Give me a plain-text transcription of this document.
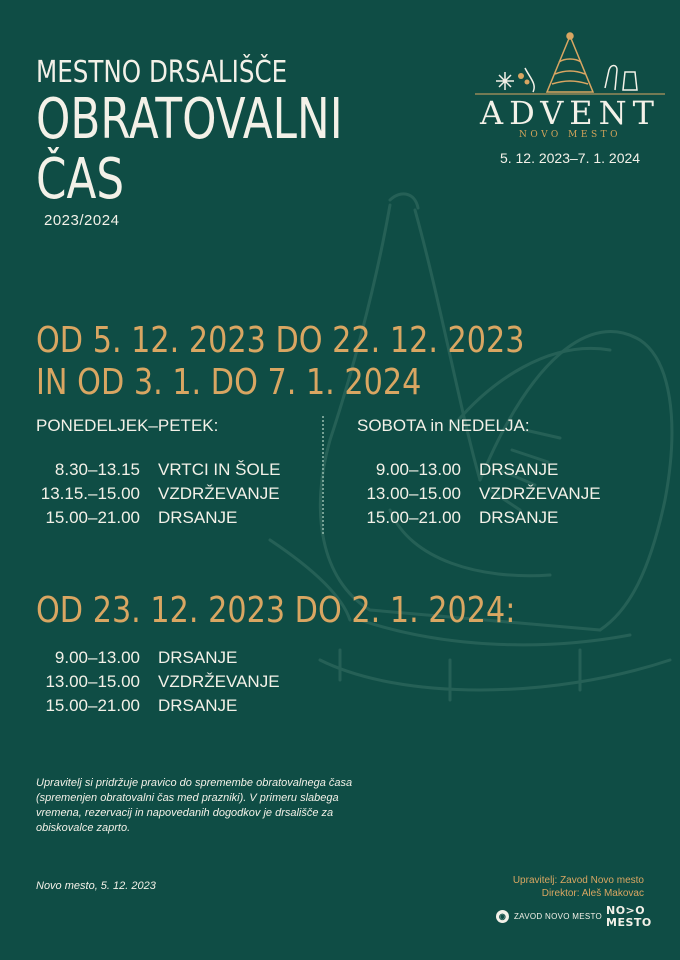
MESTNO DRSALIŠČE
OBRATOVALNI
ČAS
2023/2024
ADVENT
NOVO MESTO
5. 12. 2023–7. 1. 2024
OD 5. 12. 2023 DO 22. 12. 2023
IN OD 3. 1. DO 7. 1. 2024
PONEDELJEK–PETEK:
8.30–13.15 VRTCI IN ŠOLE
13.15.–15.00 VZDRŽEVANJE
15.00–21.00 DRSANJE
SOBOTA in NEDELJA:
9.00–13.00 DRSANJE
13.00–15.00 VZDRŽEVANJE
15.00–21.00 DRSANJE
OD 23. 12. 2023 DO 2. 1. 2024:
9.00–13.00 DRSANJE
13.00–15.00 VZDRŽEVANJE
15.00–21.00 DRSANJE
Upravitelj si pridržuje pravico do spremembe obratovalnega časa (spremenjen obratovalni čas med prazniki). V primeru slabega vremena, rezervacij in napovedanih dogodkov je drsališče za obiskovalce zaprto.
Novo mesto, 5. 12. 2023	Upravitelj: Zavod Novo mesto
Direktor: Aleš Makovac
◉ ZAVOD NOVO MESTO NO>O
MESTO
